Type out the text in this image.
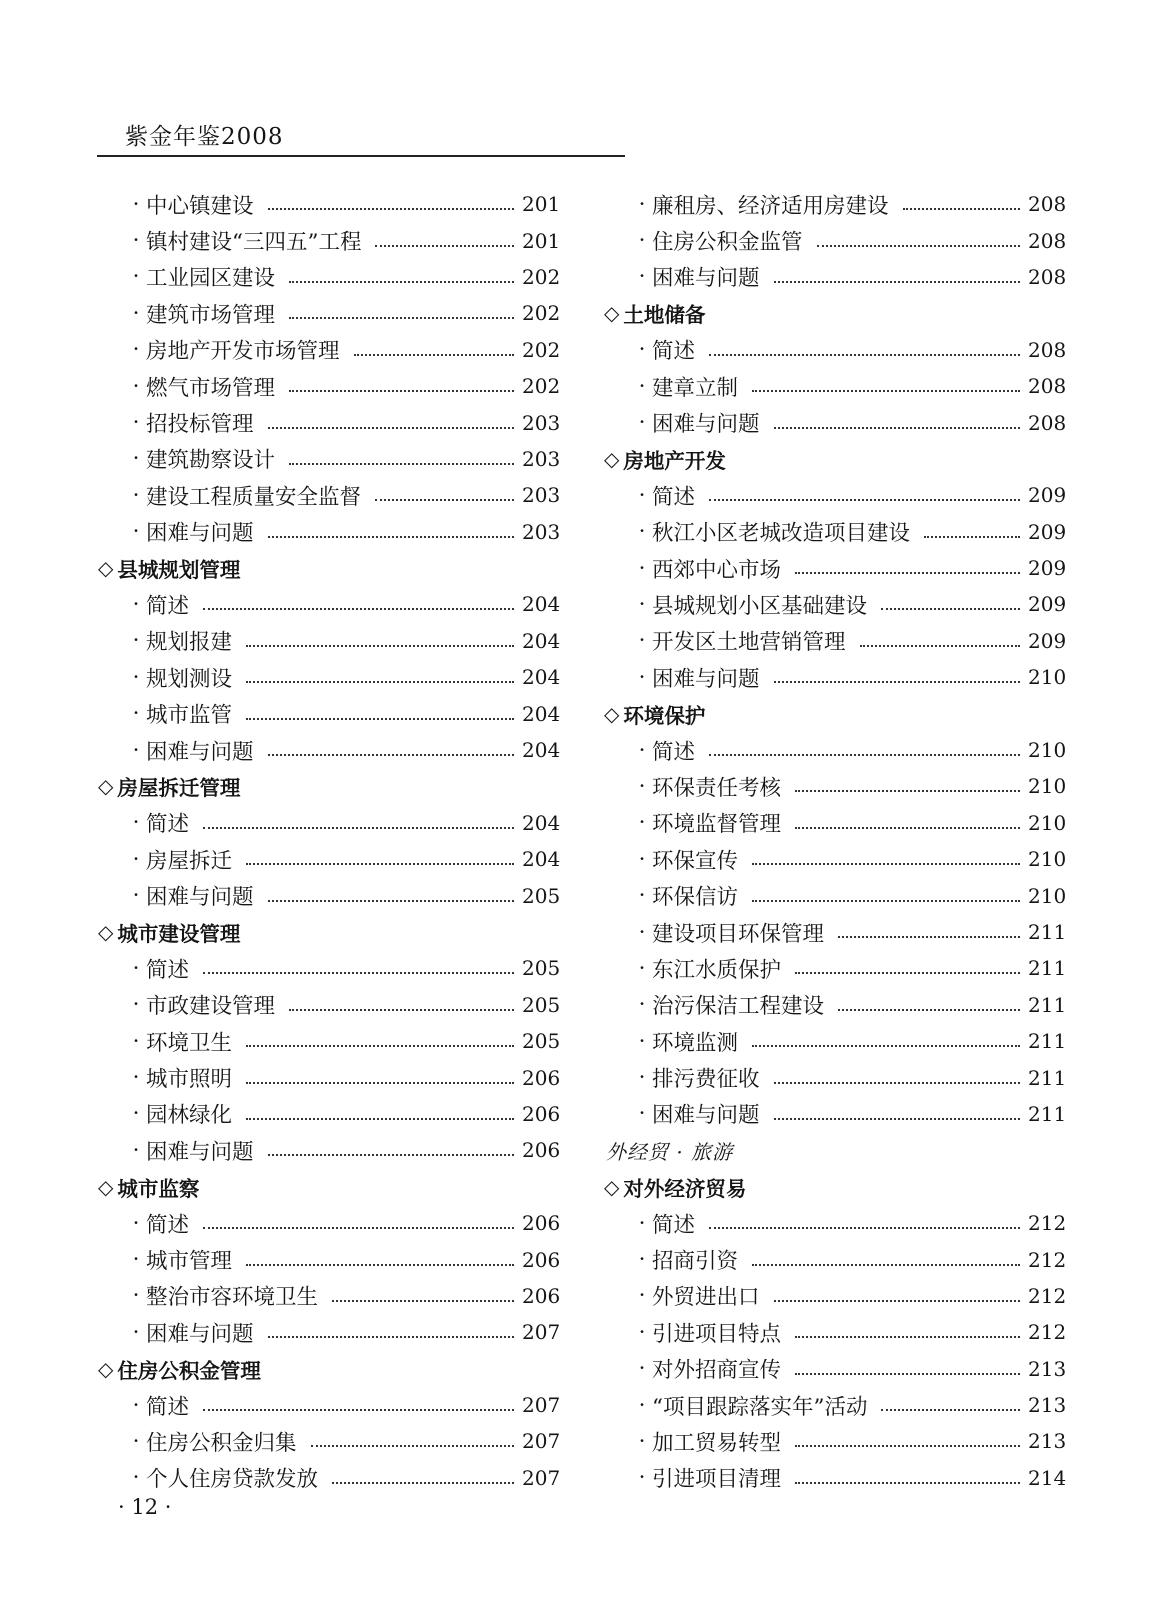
紫金年鉴2008
· 中心镇建设	201
· 镇村建设“三四五”工程	201
· 工业园区建设	202
· 建筑市场管理	202
· 房地产开发市场管理	202
· 燃气市场管理	202
· 招投标管理	203
· 建筑勘察设计	203
· 建设工程质量安全监督	203
· 困难与问题	203
◇ 县城规划管理
· 简述	204
· 规划报建	204
· 规划测设	204
· 城市监管	204
· 困难与问题	204
◇ 房屋拆迁管理
· 简述	204
· 房屋拆迁	204
· 困难与问题	205
◇ 城市建设管理
· 简述	205
· 市政建设管理	205
· 环境卫生	205
· 城市照明	206
· 园林绿化	206
· 困难与问题	206
◇ 城市监察
· 简述	206
· 城市管理	206
· 整治市容环境卫生	206
· 困难与问题	207
◇ 住房公积金管理
· 简述	207
· 住房公积金归集	207
· 个人住房贷款发放	207
· 廉租房、经济适用房建设	208
· 住房公积金监管	208
· 困难与问题	208
◇ 土地储备
· 简述	208
· 建章立制	208
· 困难与问题	208
◇ 房地产开发
· 简述	209
· 秋江小区老城改造项目建设	209
· 西郊中心市场	209
· 县城规划小区基础建设	209
· 开发区土地营销管理	209
· 困难与问题	210
◇ 环境保护
· 简述	210
· 环保责任考核	210
· 环境监督管理	210
· 环保宣传	210
· 环保信访	210
· 建设项目环保管理	211
· 东江水质保护	211
· 治污保洁工程建设	211
· 环境监测	211
· 排污费征收	211
· 困难与问题	211
外经贸 · 旅游
◇ 对外经济贸易
· 简述	212
· 招商引资	212
· 外贸进出口	212
· 引进项目特点	212
· 对外招商宣传	213
· “项目跟踪落实年”活动	213
· 加工贸易转型	213
· 引进项目清理	214
· 12 ·
